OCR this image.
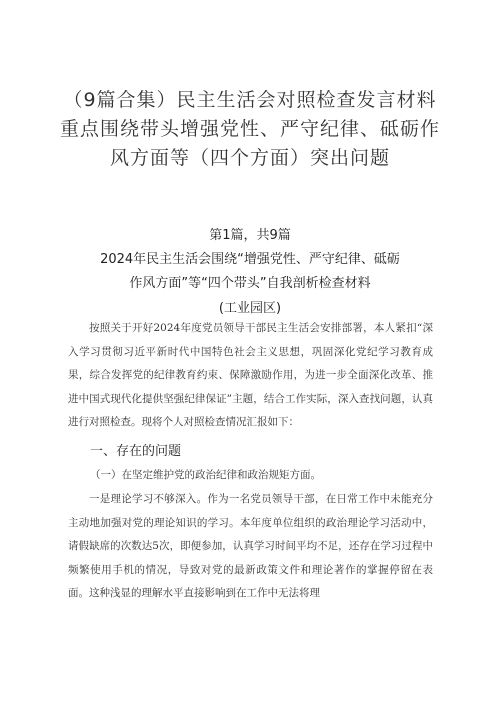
（9篇合集）民主生活会对照检查发言材料重点围绕带头增强党性、严守纪律、砥砺作风方面等（四个方面）突出问题
第1篇，共9篇
2024年民主生活会围绕“增强党性、严守纪律、砥砺
作风方面”等“四个带头”自我剖析检查材料
(工业园区)
按照关于开好2024年度党员领导干部民主生活会安排部署，本人紧扣“深入学习贯彻习近平新时代中国特色社会主义思想，巩固深化党纪学习教育成果，综合发挥党的纪律教育约束、保障激励作用，为进一步全面深化改革、推进中国式现代化提供坚强纪律保证”主题，结合工作实际，深入查找问题，认真进行对照检查。现将个人对照检查情况汇报如下：
一、存在的问题
（一）在坚定维护党的政治纪律和政治规矩方面。
一是理论学习不够深入。作为一名党员领导干部，在日常工作中未能充分主动地加强对党的理论知识的学习。本年度单位组织的政治理论学习活动中，请假缺席的次数达5次，即便参加，认真学习时间平均不足，还存在学习过程中频繁使用手机的情况，导致对党的最新政策文件和理论著作的掌握停留在表面。这种浅显的理解水平直接影响到在工作中无法将理
